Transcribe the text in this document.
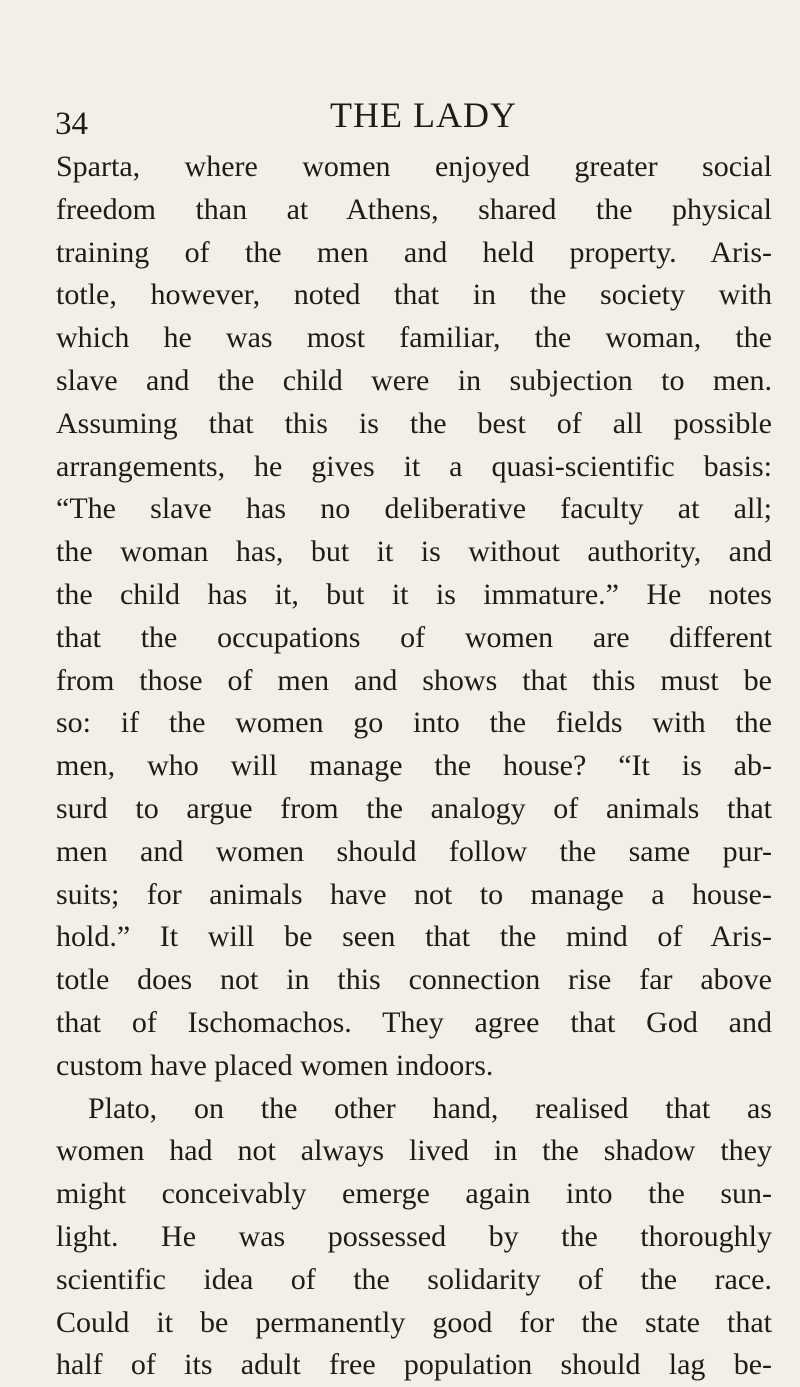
34	THE LADY
Sparta, where women enjoyed greater social
freedom than at Athens, shared the physical
training of the men and held property. Aris-
totle, however, noted that in the society with
which he was most familiar, the woman, the
slave and the child were in subjection to men.
Assuming that this is the best of all possible
arrangements, he gives it a quasi-scientific basis:
“The slave has no deliberative faculty at all;
the woman has, but it is without authority, and
the child has it, but it is immature.” He notes
that the occupations of women are different
from those of men and shows that this must be
so: if the women go into the fields with the
men, who will manage the house? “It is ab-
surd to argue from the analogy of animals that
men and women should follow the same pur-
suits; for animals have not to manage a house-
hold.” It will be seen that the mind of Aris-
totle does not in this connection rise far above
that of Ischomachos. They agree that God and
custom have placed women indoors.
Plato, on the other hand, realised that as
women had not always lived in the shadow they
might conceivably emerge again into the sun-
light. He was possessed by the thoroughly
scientific idea of the solidarity of the race.
Could it be permanently good for the state that
half of its adult free population should lag be-
